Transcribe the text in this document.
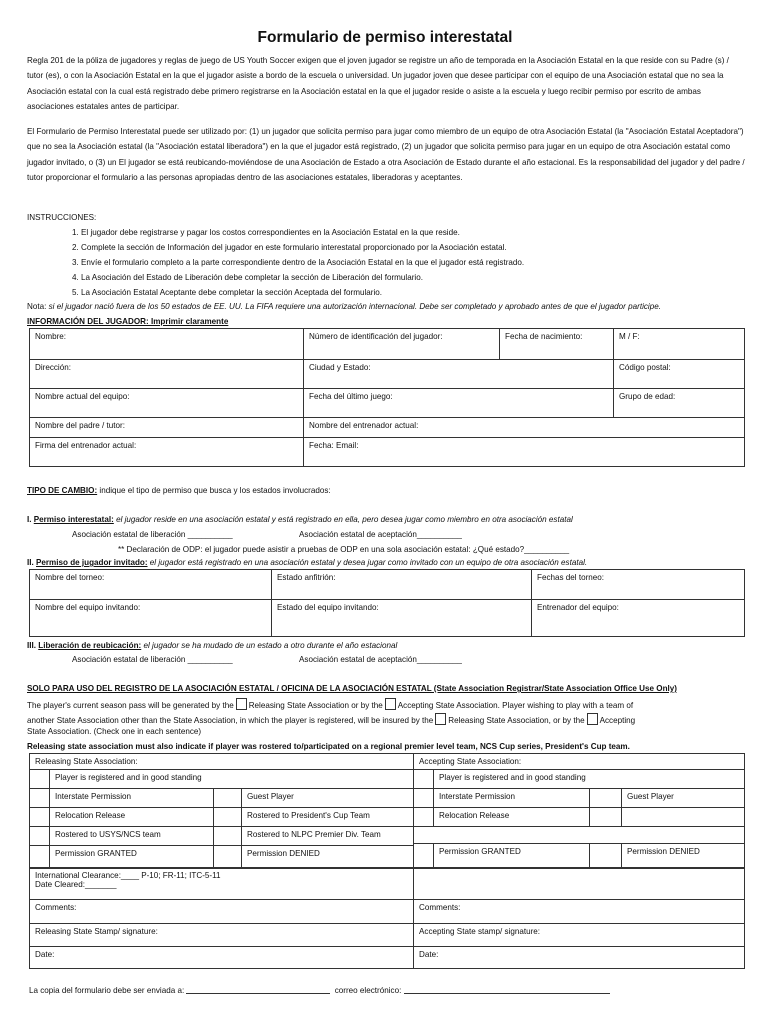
Formulario de permiso interestatal
Regla 201 de la póliza de jugadores y reglas de juego de US Youth Soccer exigen que el joven jugador se registre un año de temporada en la Asociación Estatal en la que reside con su Padre (s) / tutor (es), o con la Asociación Estatal en la que el jugador asiste a bordo de la escuela o universidad. Un jugador joven que desee participar con el equipo de una Asociación estatal que no sea la Asociación estatal con la cual está registrado debe primero registrarse en la Asociación estatal en la que el jugador reside o asiste a la escuela y luego recibir permiso por escrito de ambas asociaciones estatales antes de participar.
El Formulario de Permiso Interestatal puede ser utilizado por: (1) un jugador que solicita permiso para jugar como miembro de un equipo de otra Asociación Estatal (la "Asociación Estatal Aceptadora") que no sea la Asociación estatal (la "Asociación estatal liberadora") en la que el jugador está registrado, (2) un jugador que solicita permiso para jugar en un equipo de otra Asociación estatal como jugador invitado, o (3) un El jugador se está reubicando-moviéndose de una Asociación de Estado a otra Asociación de Estado durante el año estacional. Es la responsabilidad del jugador y del padre / tutor proporcionar el formulario a las personas apropiadas dentro de las asociaciones estatales, liberadoras y aceptantes.
INSTRUCCIONES:
1. El jugador debe registrarse y pagar los costos correspondientes en la Asociación Estatal en la que reside.
2. Complete la sección de Información del jugador en este formulario interestatal proporcionado por la Asociación estatal.
3. Envíe el formulario completo a la parte correspondiente dentro de la Asociación Estatal en la que el jugador está registrado.
4. La Asociación del Estado de Liberación debe completar la sección de Liberación del formulario.
5. La Asociación Estatal Aceptante debe completar la sección Aceptada del formulario.
Nota: si el jugador nació fuera de los 50 estados de EE. UU. La FIFA requiere una autorización internacional. Debe ser completado y aprobado antes de que el jugador participe.
INFORMACIÓN DEL JUGADOR: Imprimir claramente
Nombre:	Número de identificación del jugador:	Fecha de nacimiento:	M / F:
Dirección:	Ciudad y Estado:		Código postal:
Nombre actual del equipo:	Fecha del último juego:		Grupo de edad:
Nombre del padre / tutor:	Nombre del entrenador actual:		
Firma del entrenador actual:	Fecha: Email:		
TIPO DE CAMBIO: indique el tipo de permiso que busca y los estados involucrados:
I. Permiso interestatal: el jugador reside en una asociación estatal y está registrado en ella, pero desea jugar como miembro en otra asociación estatal
Asociación estatal de liberación __________	Asociación estatal de aceptación__________
** Declaración de ODP: el jugador puede asistir a pruebas de ODP en una sola asociación estatal: ¿Qué estado?__________
II. Permiso de jugador invitado: el jugador está registrado en una asociación estatal y desea jugar como invitado con un equipo de otra asociación estatal.
Nombre del torneo:	Estado anfitrión:	Fechas del torneo:
Nombre del equipo invitando:	Estado del equipo invitando:	Entrenador del equipo:
III. Liberación de reubicación: el jugador se ha mudado de un estado a otro durante el año estacional
Asociación estatal de liberación __________	Asociación estatal de aceptación__________
SOLO PARA USO DEL REGISTRO DE LA ASOCIACIÓN ESTATAL / OFICINA DE LA ASOCIACIÓN ESTATAL (State Association Registrar/State Association Office Use Only)
The player's current season pass will be generated by the Releasing State Association or by the Accepting State Association. Player wishing to play with a team of
another State Association other than the State Association, in which the player is registered, will be insured by the Releasing State Association, or by the Accepting
State Association. (Check one in each sentence)
Releasing state association must also indicate if player was rostered to/participated on a regional premier level team, NCS Cup series, President's Cup team.
Releasing State Association:				Accepting State Association:			
	Player is registered and in good standing				Player is registered and in good standing		
	Interstate Permission		Guest Player		Interstate Permission		Guest Player
	Relocation Release		Rostered to President's Cup Team		Relocation Release		
	Rostered to USYS/NCS team		Rostered to NLPC Premier Div. Team				
	Permission GRANTED		Permission DENIED				
		Permission GRANTED		Permission DENIED
International Clearance:____ P-10; FR-11; ITC-5-11
Date Cleared:_______	

Comments:	Comments:
Releasing State Stamp/ signature:	Accepting State stamp/ signature:
Date:	Date:
La copia del formulario debe ser enviada a:	correo electrónico:
